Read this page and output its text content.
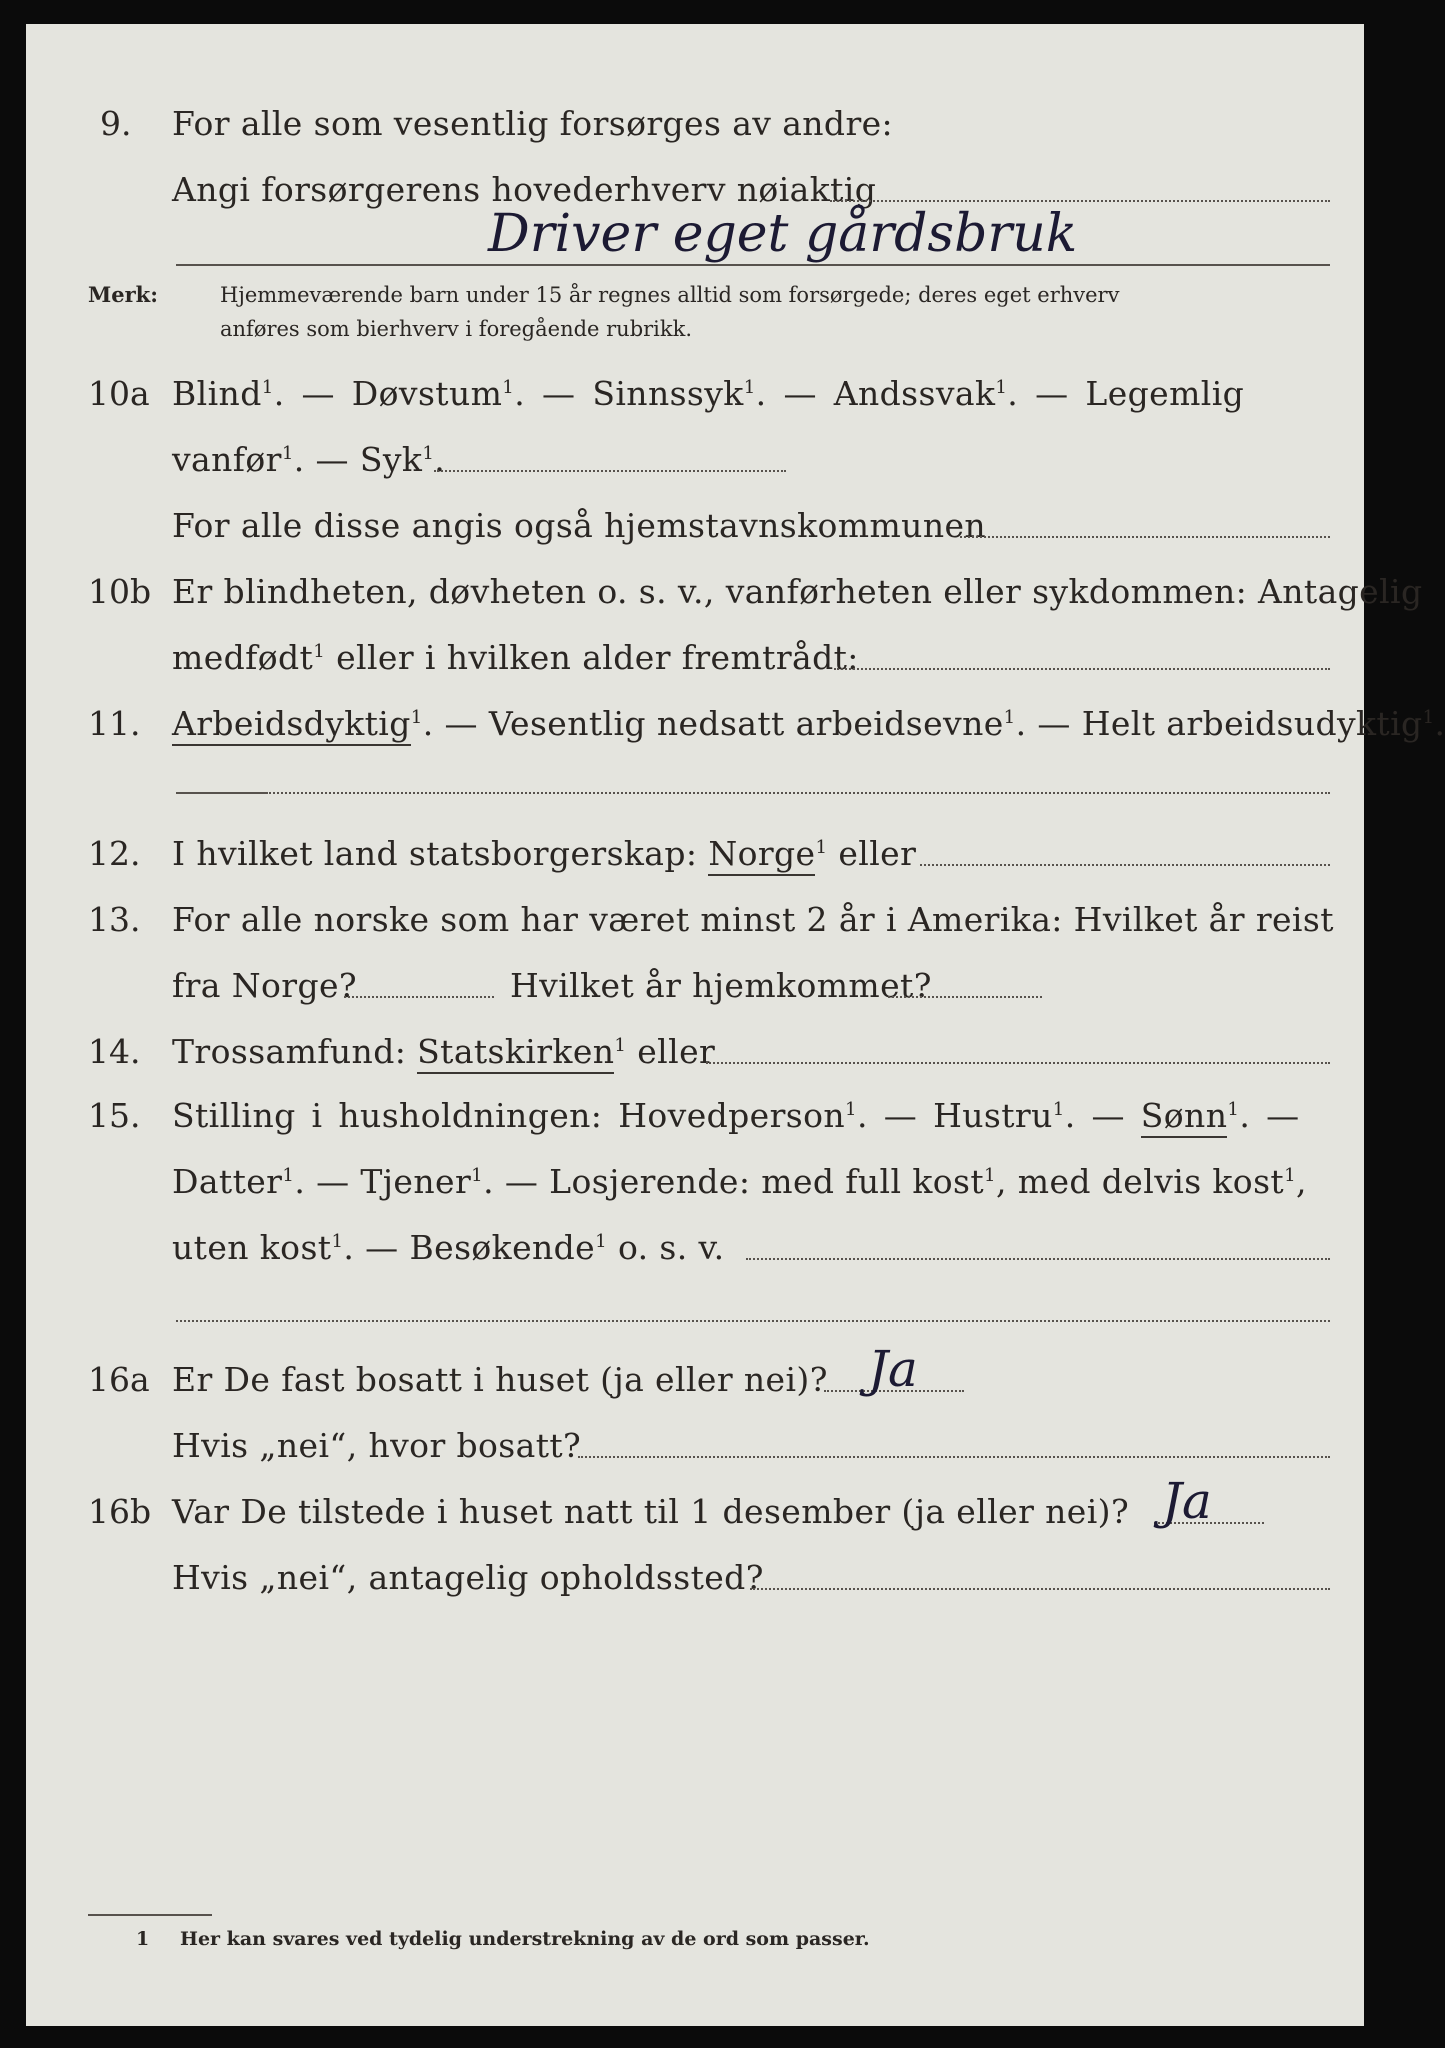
9. For alle som vesentlig forsørges av andre:

Angi forsørgerens hovederhverv nøiaktig

Driver eget gårdsbruk
Merk:	Hjemmeværende barn under 15 år regnes alltid som forsørgede; deres eget erhverv
anføres som bierhverv i foregående rubrikk.
10a Blind$^1$. — Døvstum$^1$. — Sinnssyk$^1$. — Andssvak$^1$. — Legemlig

vanfør$^1$. — Syk$^1$.

For alle disse angis også hjemstavnskommunen

10b Er blindheten, døvheten o. s. v., vanførheten eller sykdommen: Antagelig

medfødt$^1$ eller i hvilken alder fremtrådt:

11. Arbeidsdyktig$^1$. — Vesentlig nedsatt arbeidsevne$^1$. — Helt arbeidsudyktig$^1$.

12. I hvilket land statsborgerskap: Norge$^1$ eller

13. For alle norske som har været minst 2 år i Amerika: Hvilket år reist

fra Norge?	Hvilket år hjemkommet?

14. Trossamfund: Statskirken$^1$ eller

15. Stilling i husholdningen: Hovedperson$^1$. — Hustru$^1$. — Sønn$^1$. —

Datter$^1$. — Tjener$^1$. — Losjerende: med full kost$^1$, med delvis kost$^1$,

uten kost$^1$. — Besøkende$^1$ o. s. v.

16a Er De fast bosatt i huset (ja eller nei)? Ja

Hvis „nei“, hvor bosatt?

16b Var De tilstede i huset natt til 1 desember (ja eller nei)? Ja

Hvis „nei“, antagelig opholdssted?

1 Her kan svares ved tydelig understrekning av de ord som passer.
